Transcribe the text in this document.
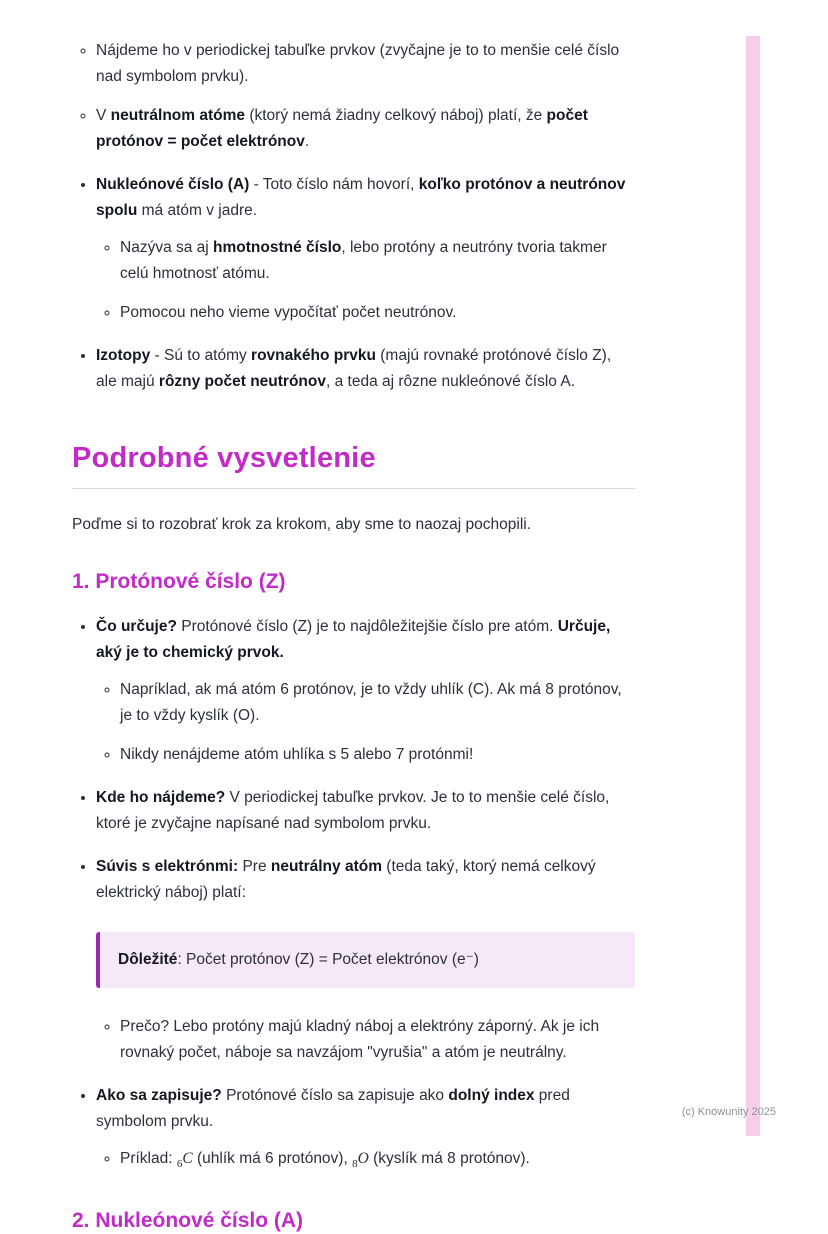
◦ Nájdeme ho v periodickej tabuľke prvkov (zvyčajne je to to menšie celé číslo nad symbolom prvku).
◦ V neutrálnom atóme (ktorý nemá žiadny celkový náboj) platí, že počet protónov = počet elektrónov.
• Nukleónové číslo (A) - Toto číslo nám hovorí, koľko protónov a neutrónov spolu má atóm v jadre.
◦ Nazýva sa aj hmotnostné číslo, lebo protóny a neutróny tvoria takmer celú hmotnosť atómu.
◦ Pomocou neho vieme vypočítať počet neutrónov.
• Izotopy - Sú to atómy rovnakého prvku (majú rovnaké protónové číslo Z), ale majú rôzny počet neutrónov, a teda aj rôzne nukleónové číslo A.
Podrobné vysvetlenie

Poďme si to rozobrať krok za krokom, aby sme to naozaj pochopili.

1. Protónové číslo (Z)
• Čo určuje? Protónové číslo (Z) je to najdôležitejšie číslo pre atóm. Určuje, aký je to chemický prvok.
◦ Napríklad, ak má atóm 6 protónov, je to vždy uhlík (C). Ak má 8 protónov, je to vždy kyslík (O).
◦ Nikdy nenájdeme atóm uhlíka s 5 alebo 7 protónmi!
• Kde ho nájdeme? V periodickej tabuľke prvkov. Je to to menšie celé číslo, ktoré je zvyčajne napísané nad symbolom prvku.
• Súvis s elektrónmi: Pre neutrálny atóm (teda taký, ktorý nemá celkový elektrický náboj) platí:
Dôležité: Počet protónov (Z) = Počet elektrónov (e⁻)
◦ Prečo? Lebo protóny majú kladný náboj a elektróny záporný. Ak je ich rovnaký počet, náboje sa navzájom "vyrušia" a atóm je neutrálny.
• Ako sa zapisuje? Protónové číslo sa zapisuje ako dolný index pred symbolom prvku.
◦ Príklad: $_6$C (uhlík má 6 protónov), $_8$O (kyslík má 8 protónov).
2. Nukleónové číslo (A)
(c) Knowunity 2025
